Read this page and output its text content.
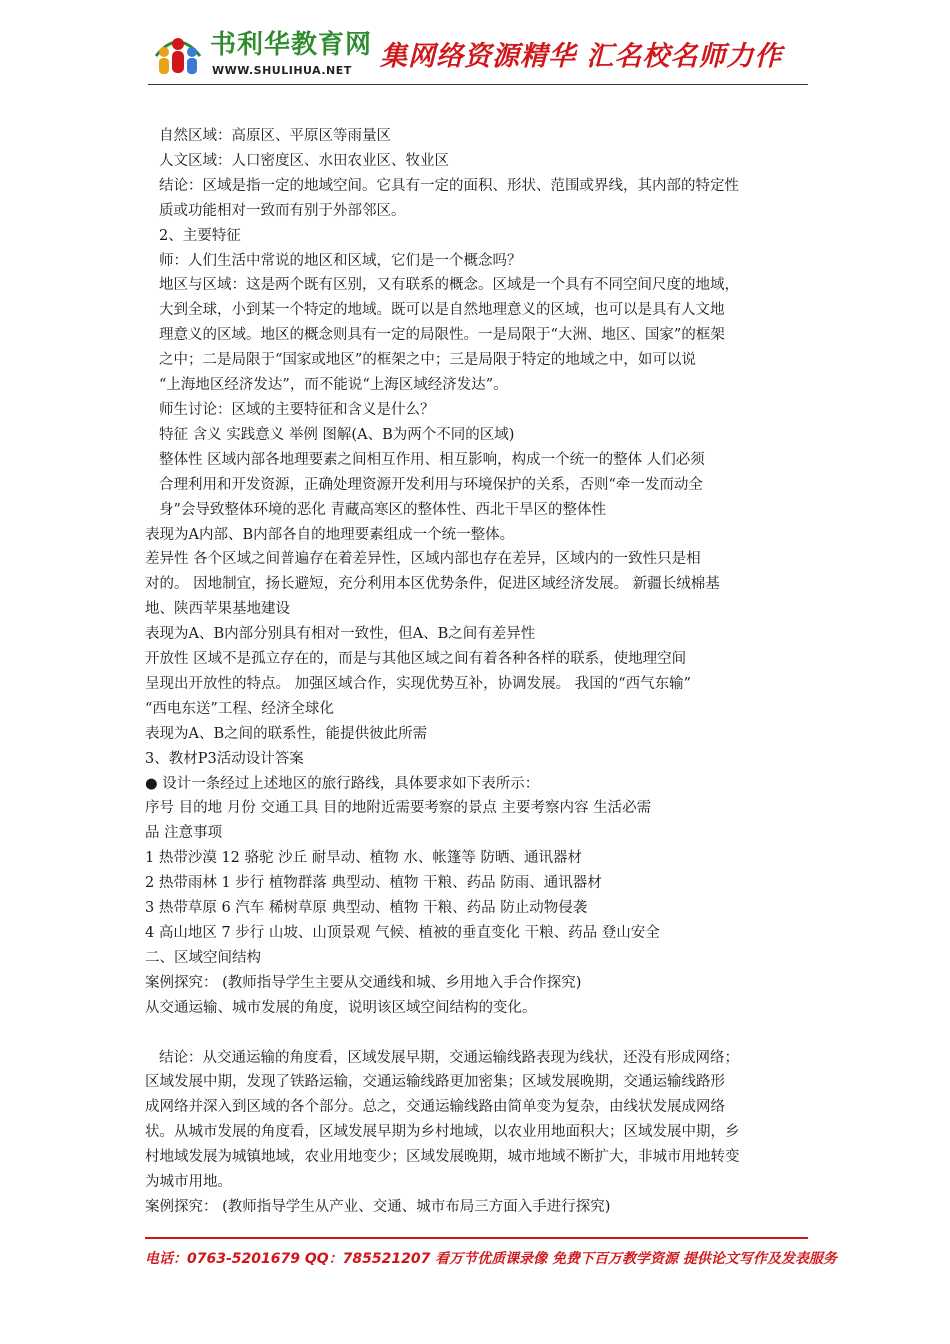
书利华教育网
WWW.SHULIHUA.NET 集网络资源精华 汇名校名师力作

自然区域：高原区、平原区等雨量区

人文区域：人口密度区、水田农业区、牧业区

结论：区域是指一定的地域空间。它具有一定的面积、形状、范围或界线，其内部的特定性

质或功能相对一致而有别于外部邻区。

2、主要特征

师：人们生活中常说的地区和区域，它们是一个概念吗？

地区与区域：这是两个既有区别，又有联系的概念。区域是一个具有不同空间尺度的地域，

大到全球，小到某一个特定的地域。既可以是自然地理意义的区域，也可以是具有人文地

理意义的区域。地区的概念则具有一定的局限性。一是局限于“大洲、地区、国家”的框架

之中；二是局限于“国家或地区”的框架之中；三是局限于特定的地域之中，如可以说

“上海地区经济发达”，而不能说“上海区域经济发达”。

师生讨论：区域的主要特征和含义是什么？

特征 含义 实践意义 举例 图解(A、B为两个不同的区域)

整体性 区域内部各地理要素之间相互作用、相互影响，构成一个统一的整体 人们必须

合理利用和开发资源，正确处理资源开发利用与环境保护的关系，否则“牵一发而动全

身”会导致整体环境的恶化 青藏高寒区的整体性、西北干旱区的整体性

表现为A内部、B内部各自的地理要素组成一个统一整体。

差异性 各个区域之间普遍存在着差异性，区域内部也存在差异，区域内的一致性只是相

对的。 因地制宜，扬长避短，充分利用本区优势条件，促进区域经济发展。 新疆长绒棉基

地、陕西苹果基地建设

表现为A、B内部分别具有相对一致性，但A、B之间有差异性

开放性 区域不是孤立存在的，而是与其他区域之间有着各种各样的联系，使地理空间

呈现出开放性的特点。 加强区域合作，实现优势互补，协调发展。 我国的“西气东输”

“西电东送”工程、经济全球化

表现为A、B之间的联系性，能提供彼此所需

3、教材P3活动设计答案

● 设计一条经过上述地区的旅行路线，具体要求如下表所示：

序号 目的地 月份 交通工具 目的地附近需要考察的景点 主要考察内容 生活必需

品 注意事项

1 热带沙漠 12 骆驼 沙丘 耐旱动、植物 水、帐篷等 防晒、通讯器材

2 热带雨林 1 步行 植物群落 典型动、植物 干粮、药品 防雨、通讯器材

3 热带草原 6 汽车 稀树草原 典型动、植物 干粮、药品 防止动物侵袭

4 高山地区 7 步行 山坡、山顶景观 气候、植被的垂直变化 干粮、药品 登山安全

二、区域空间结构

案例探究： (教师指导学生主要从交通线和城、乡用地入手合作探究)

从交通运输、城市发展的角度，说明该区域空间结构的变化。

结论：从交通运输的角度看，区域发展早期，交通运输线路表现为线状，还没有形成网络；

区域发展中期，发现了铁路运输，交通运输线路更加密集；区域发展晚期，交通运输线路形

成网络并深入到区域的各个部分。总之，交通运输线路由简单变为复杂，由线状发展成网络

状。从城市发展的角度看，区域发展早期为乡村地域，以农业用地面积大；区域发展中期，乡

村地域发展为城镇地域，农业用地变少；区域发展晚期，城市地域不断扩大，非城市用地转变

为城市用地。

案例探究： (教师指导学生从产业、交通、城市布局三方面入手进行探究)

电话：0763-5201679 QQ：785521207 看万节优质课录像 免费下百万教学资源 提供论文写作及发表服务
